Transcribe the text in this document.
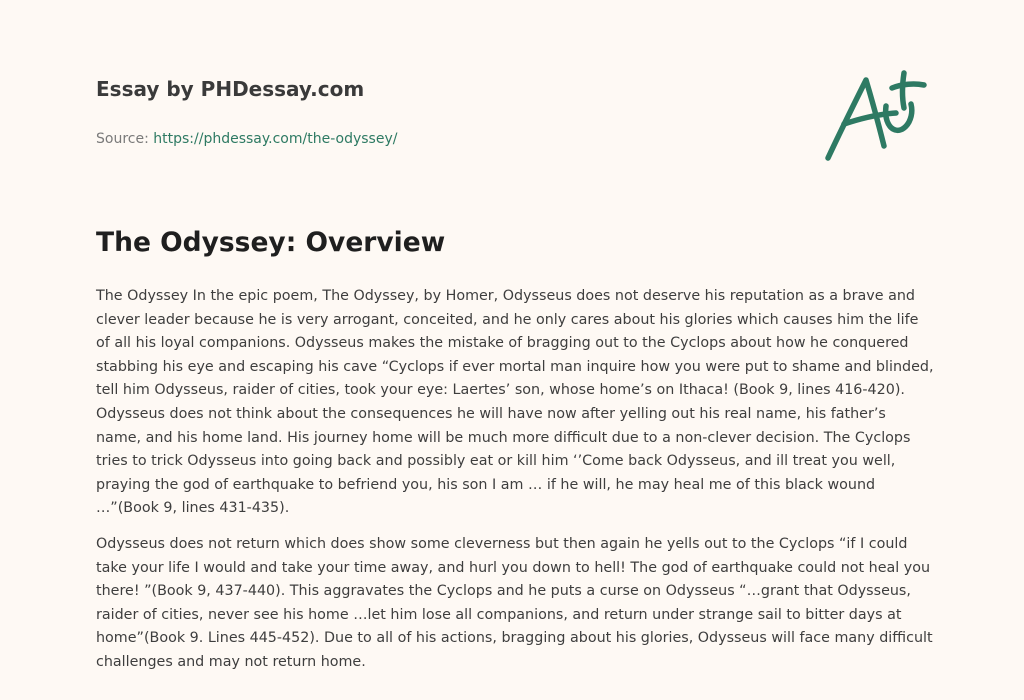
Essay by PHDessay.com
Source: https://phdessay.com/the-odyssey/
The Odyssey: Overview

The Odyssey In the epic poem, The Odyssey, by Homer, Odysseus does not deserve his reputation as a brave and clever leader because he is very arrogant, conceited, and he only cares about his glories which causes him the life of all his loyal companions. Odysseus makes the mistake of bragging out to the Cyclops about how he conquered stabbing his eye and escaping his cave “Cyclops if ever mortal man inquire how you were put to shame and blinded, tell him Odysseus, raider of cities, took your eye: Laertes’ son, whose home’s on Ithaca! (Book 9, lines 416-420). Odysseus does not think about the consequences he will have now after yelling out his real name, his father’s name, and his home land. His journey home will be much more difficult due to a non-clever decision. The Cyclops tries to trick Odysseus into going back and possibly eat or kill him ‘’Come back Odysseus, and ill treat you well, praying the god of earthquake to befriend you, his son I am … if he will, he may heal me of this black wound …”(Book 9, lines 431-435).

Odysseus does not return which does show some cleverness but then again he yells out to the Cyclops “if I could take your life I would and take your time away, and hurl you down to hell! The god of earthquake could not heal you there! ”(Book 9, 437-440). This aggravates the Cyclops and he puts a curse on Odysseus “…grant that Odysseus, raider of cities, never see his home …let him lose all companions, and return under strange sail to bitter days at home”(Book 9. Lines 445-452). Due to all of his actions, bragging about his glories, Odysseus will face many difficult challenges and may not return home.
